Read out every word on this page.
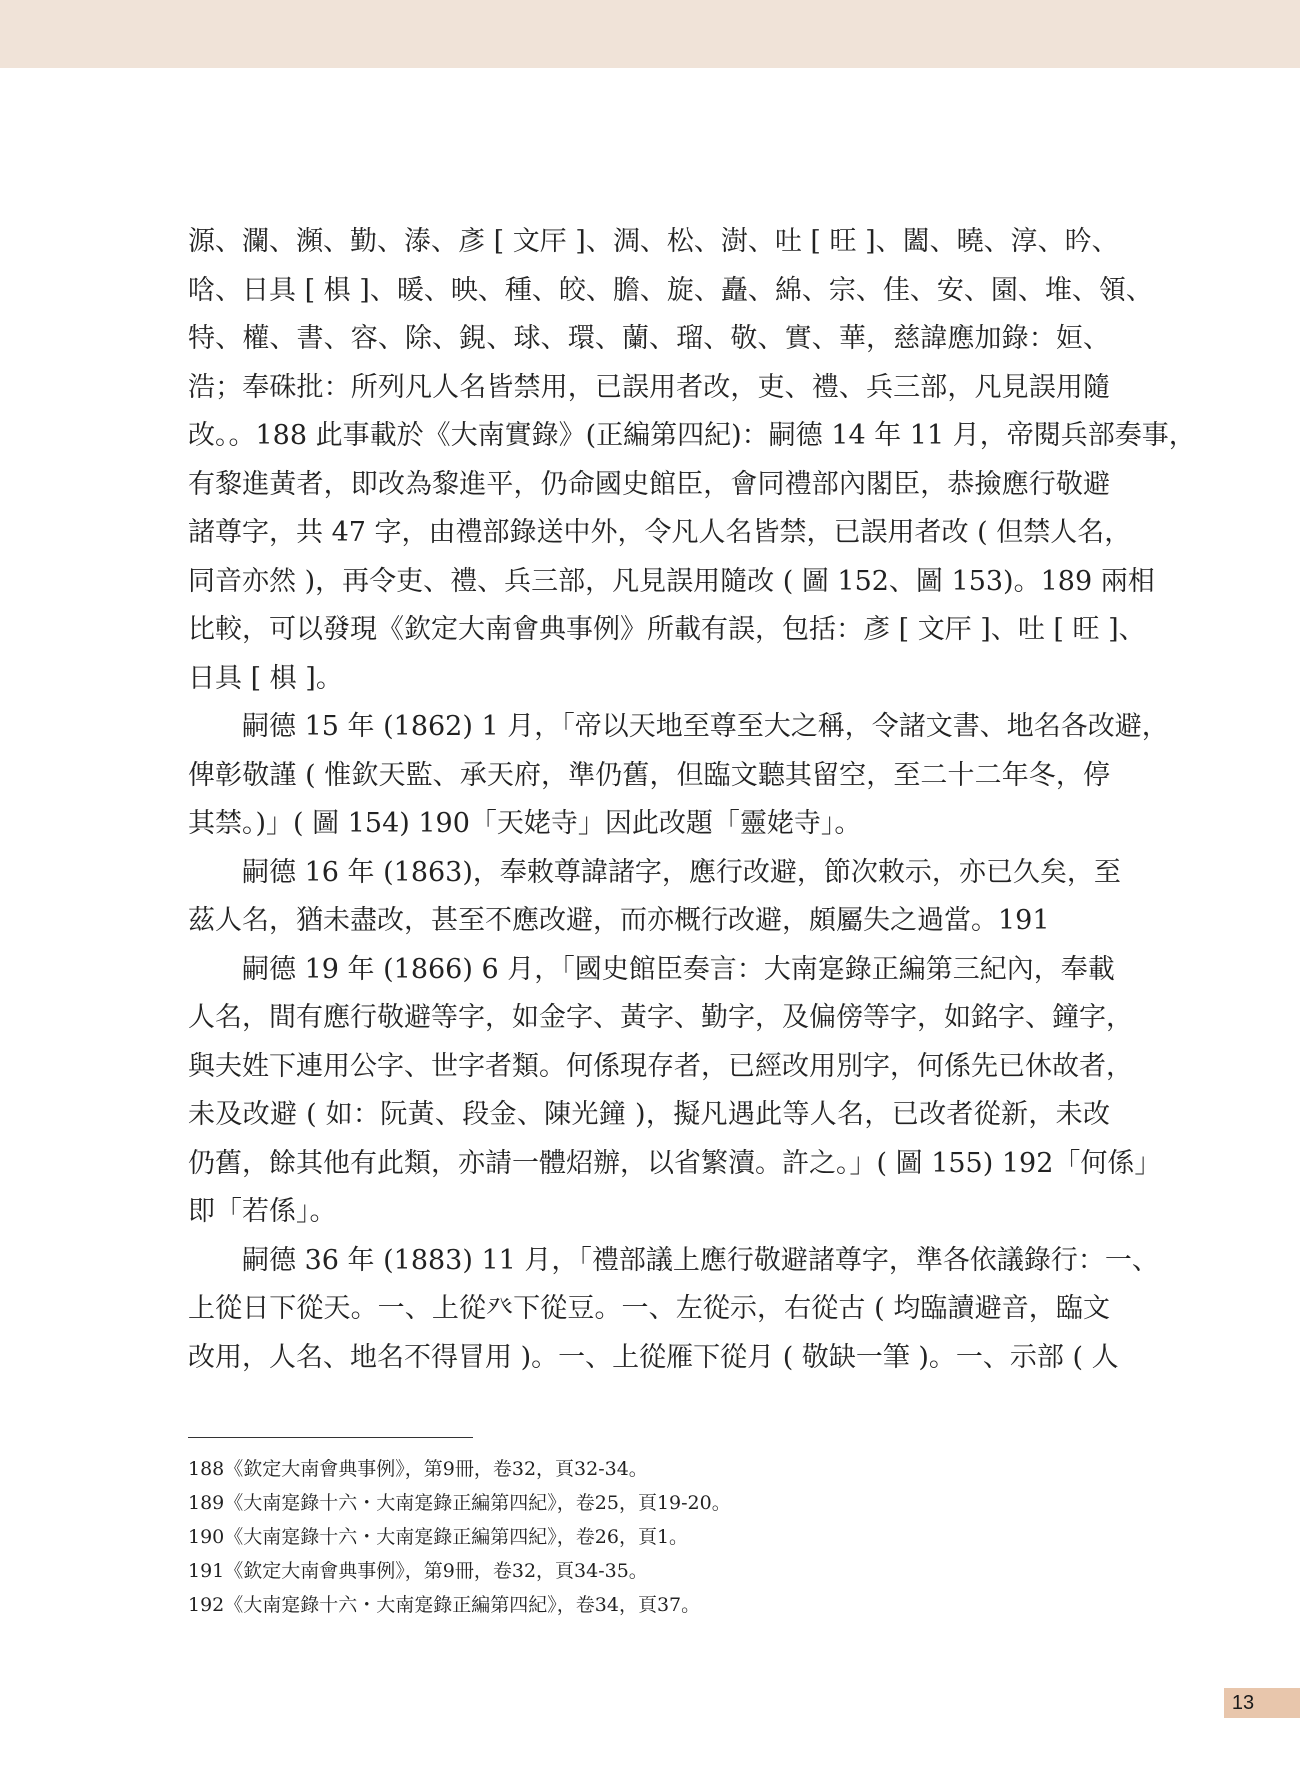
源、瀾、瀕、勤、溙、彥 [ 文厈 ]、淍、松、澍、吐 [ 旺 ]、闔、曉、淳、昑、
唅、日具 [ 椇 ]、暖、映、種、皎、膽、旋、矗、綿、宗、佳、安、園、堆、領、
特、權、書、容、除、鋧、球、環、蘭、瑠、敬、實、華，慈諱應加錄：姮、
浩；奉硃批：所列凡人名皆禁用，已誤用者改，吏、禮、兵三部，凡見誤用隨
改。。188 此事載於《大南實錄》(正編第四紀)：嗣德 14 年 11 月，帝閱兵部奏事，
有黎進黃者，即改為黎進平，仍命國史館臣，會同禮部內閣臣，恭撿應行敬避
諸尊字，共 47 字，由禮部錄送中外，令凡人名皆禁，已誤用者改 ( 但禁人名，
同音亦然 )，再令吏、禮、兵三部，凡見誤用隨改 ( 圖 152、圖 153)。189 兩相
比較，可以發現《欽定大南會典事例》所載有誤，包括：彥 [ 文厈 ]、吐 [ 旺 ]、
日具 [ 椇 ]。
嗣德 15 年 (1862) 1 月，「帝以天地至尊至大之稱，令諸文書、地名各改避，
俾彰敬謹 ( 惟欽天監、承天府，準仍舊，但臨文聽其留空，至二十二年冬，停
其禁。)」( 圖 154) 190「天姥寺」因此改題「靈姥寺」。
嗣德 16 年 (1863)，奉敕尊諱諸字，應行改避，節次敕示，亦已久矣，至
茲人名，猶未盡改，甚至不應改避，而亦概行改避，頗屬失之過當。191
嗣德 19 年 (1866) 6 月，「國史館臣奏言：大南寔錄正編第三紀內，奉載
人名，間有應行敬避等字，如金字、黃字、勤字，及偏傍等字，如銘字、鐘字，
與夫姓下連用公字、世字者類。何係現存者，已經改用別字，何係先已休故者，
未及改避 ( 如：阮黃、段金、陳光鐘 )，擬凡遇此等人名，已改者從新，未改
仍舊，餘其他有此類，亦請一體炤辦，以省繁瀆。許之。」( 圖 155) 192「何係」
即「若係」。
嗣德 36 年 (1883) 11 月，「禮部議上應行敬避諸尊字，準各依議錄行：一、
上從日下從天。一、上從癶下從豆。一、左從示，右從古 ( 均臨讀避音，臨文
改用，人名、地名不得冒用 )。一、上從雁下從月 ( 敬缺一筆 )。一、示部 ( 人
188《欽定大南會典事例》，第9冊，卷32，頁32-34。
189《大南寔錄十六・大南寔錄正編第四紀》，卷25，頁19-20。
190《大南寔錄十六・大南寔錄正編第四紀》，卷26，頁1。
191《欽定大南會典事例》，第9冊，卷32，頁34-35。
192《大南寔錄十六・大南寔錄正編第四紀》，卷34，頁37。
13
